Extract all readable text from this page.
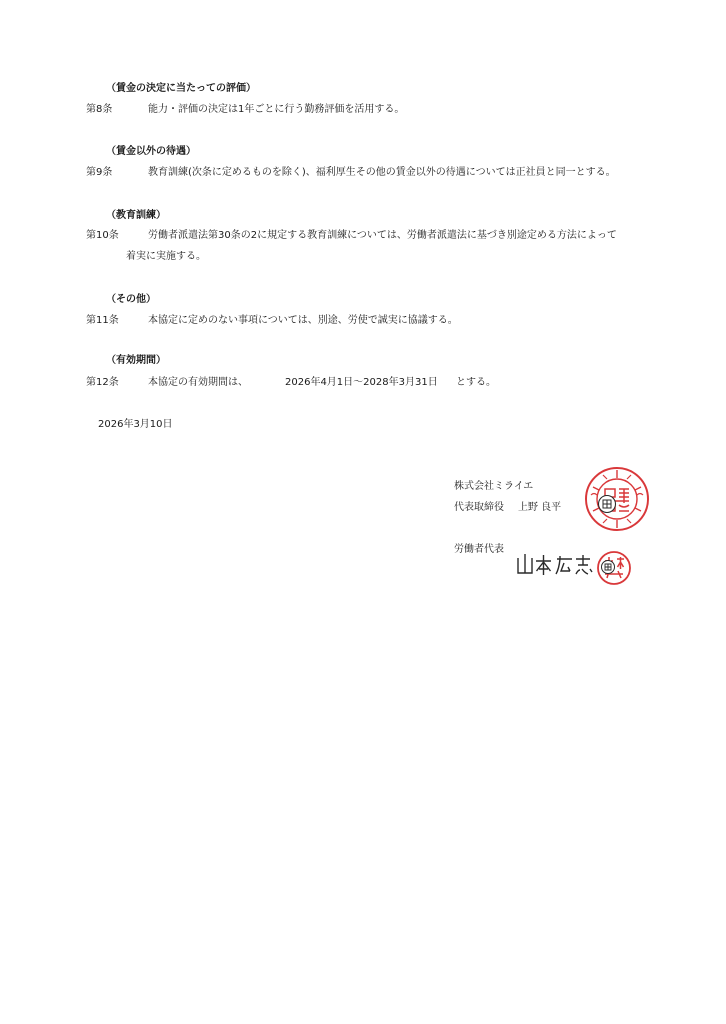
（賃金の決定に当たっての評価）
第8条	能力・評価の決定は1年ごとに行う勤務評価を活用する。
（賃金以外の待遇）
第9条	教育訓練(次条に定めるものを除く)、福利厚生その他の賃金以外の待遇については正社員と同一とする。
（教育訓練）
第10条	労働者派遣法第30条の2に規定する教育訓練については、労働者派遣法に基づき別途定める方法によって
着実に実施する。
（その他）
第11条	本協定に定めのない事項については、別途、労使で誠実に協議する。
（有効期間）
第12条	本協定の有効期間は、	2026年4月1日～2028年3月31日 とする。
2026年3月10日
株式会社ミライエ
代表取締役 上野 良平
労働者代表
